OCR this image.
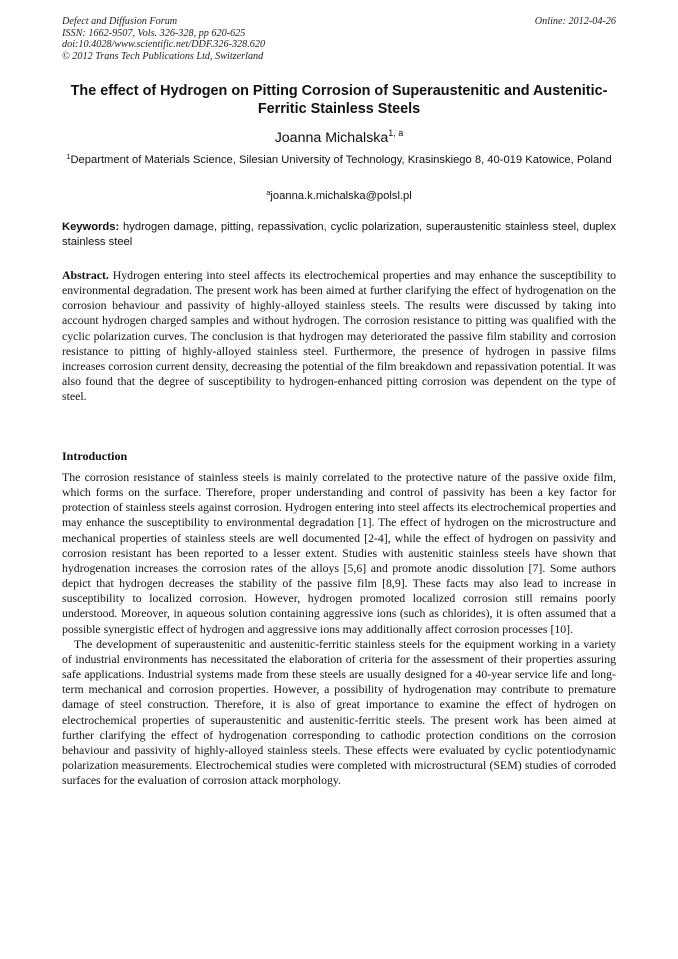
Defect and Diffusion Forum
ISSN: 1662-9507, Vols. 326-328, pp 620-625
doi:10.4028/www.scientific.net/DDF.326-328.620
© 2012 Trans Tech Publications Ltd, Switzerland
Online: 2012-04-26
The effect of Hydrogen on Pitting Corrosion of Superaustenitic and Austenitic-Ferritic Stainless Steels
Joanna Michalska$^{1, a}$
$^1$Department of Materials Science, Silesian University of Technology, Krasinskiego 8, 40-019 Katowice, Poland
$^a$joanna.k.michalska@polsl.pl
Keywords: hydrogen damage, pitting, repassivation, cyclic polarization, superaustenitic stainless steel, duplex stainless steel
Abstract. Hydrogen entering into steel affects its electrochemical properties and may enhance the susceptibility to environmental degradation. The present work has been aimed at further clarifying the effect of hydrogenation on the corrosion behaviour and passivity of highly-alloyed stainless steels. The results were discussed by taking into account hydrogen charged samples and without hydrogen. The corrosion resistance to pitting was qualified with the cyclic polarization curves. The conclusion is that hydrogen may deteriorated the passive film stability and corrosion resistance to pitting of highly-alloyed stainless steel. Furthermore, the presence of hydrogen in passive films increases corrosion current density, decreasing the potential of the film breakdown and repassivation potential. It was also found that the degree of susceptibility to hydrogen-enhanced pitting corrosion was dependent on the type of steel.
Introduction

The corrosion resistance of stainless steels is mainly correlated to the protective nature of the passive oxide film, which forms on the surface. Therefore, proper understanding and control of passivity has been a key factor for protection of stainless steels against corrosion. Hydrogen entering into steel affects its electrochemical properties and may enhance the susceptibility to environmental degradation [1]. The effect of hydrogen on the microstructure and mechanical properties of stainless steels are well documented [2-4], while the effect of hydrogen on passivity and corrosion resistant has been reported to a lesser extent. Studies with austenitic stainless steels have shown that hydrogenation increases the corrosion rates of the alloys [5,6] and promote anodic dissolution [7]. Some authors depict that hydrogen decreases the stability of the passive film [8,9]. These facts may also lead to increase in susceptibility to localized corrosion. However, hydrogen promoted localized corrosion still remains poorly understood. Moreover, in aqueous solution containing aggressive ions (such as chlorides), it is often assumed that a possible synergistic effect of hydrogen and aggressive ions may additionally affect corrosion processes [10].

The development of superaustenitic and austenitic-ferritic stainless steels for the equipment working in a variety of industrial environments has necessitated the elaboration of criteria for the assessment of their properties assuring safe applications. Industrial systems made from these steels are usually designed for a 40-year service life and long-term mechanical and corrosion properties. However, a possibility of hydrogenation may contribute to premature damage of steel construction. Therefore, it is also of great importance to examine the effect of hydrogen on electrochemical properties of superaustenitic and austenitic-ferritic steels. The present work has been aimed at further clarifying the effect of hydrogenation corresponding to cathodic protection conditions on the corrosion behaviour and passivity of highly-alloyed stainless steels. These effects were evaluated by cyclic potentiodynamic polarization measurements. Electrochemical studies were completed with microstructural (SEM) studies of corroded surfaces for the evaluation of corrosion attack morphology.
